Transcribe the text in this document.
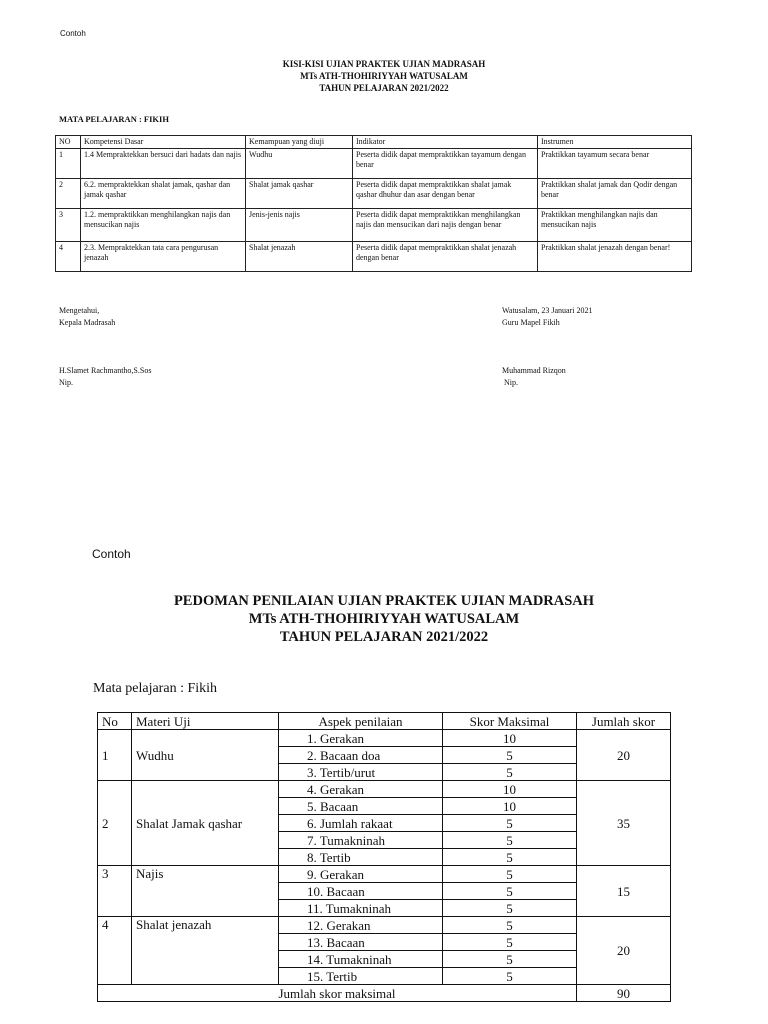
Contoh
KISI-KISI UJIAN PRAKTEK UJIAN MADRASAH
MTs ATH-THOHIRIYYAH WATUSALAM
TAHUN PELAJARAN 2021/2022
MATA PELAJARAN : FIKIH
NO	Kompetensi Dasar	Kemampuan yang diuji	Indikator	Instrumen
1	1.4 Mempraktekkan bersuci dari hadats dan najis	Wudhu	Peserta didik dapat mempraktikkan tayamum dengan benar	Praktikkan tayamum secara benar
2	6.2. mempraktekkan shalat jamak, qashar dan jamak qashar	Shalat jamak qashar	Peserta didik dapat mempraktikkan shalat jamak qashar dhuhur dan asar dengan benar	Praktikkan shalat jamak dan Qodir dengan benar
3	1.2. mempraktikkan menghilangkan najis dan mensucikan najis	Jenis-jenis najis	Peserta didik dapat mempraktikkan menghilangkan najis dan mensucikan dari najis dengan benar	Praktikkan menghilangkan najis dan mensucikan najis
4	2.3. Mempraktekkan tata cara pengurusan jenazah	Shalat jenazah	Peserta didik dapat mempraktikkan shalat jenazah dengan benar	Praktikkan shalat jenazah dengan benar!
Mengetahui,
Kepala Madrasah
Watusalam, 23 Januari 2021
Guru Mapel Fikih
H.Slamet Rachmantho,S.Sos
Nip.
Muhammad Rizqon
Nip.
Contoh
PEDOMAN PENILAIAN UJIAN PRAKTEK UJIAN MADRASAH
MTs ATH-THOHIRIYYAH WATUSALAM
TAHUN PELAJARAN 2021/2022
Mata pelajaran : Fikih
No	Materi Uji	Aspek penilaian	Skor Maksimal	Jumlah skor
1	Wudhu	1. Gerakan	10	20
		2. Bacaan doa	5	
		3. Tertib/urut	5	
2	Shalat Jamak qashar	4. Gerakan	10	35
		5. Bacaan	10	
		6. Jumlah rakaat	5	
		7. Tumakninah	5	
		8. Tertib	5	
3	Najis	9. Gerakan	5	15
		10. Bacaan	5	
		11. Tumakninah	5	
4	Shalat jenazah	12. Gerakan	5	20
		13. Bacaan	5	
		14. Tumakninah	5	
		15. Tertib	5	
Jumlah skor maksimal				90
